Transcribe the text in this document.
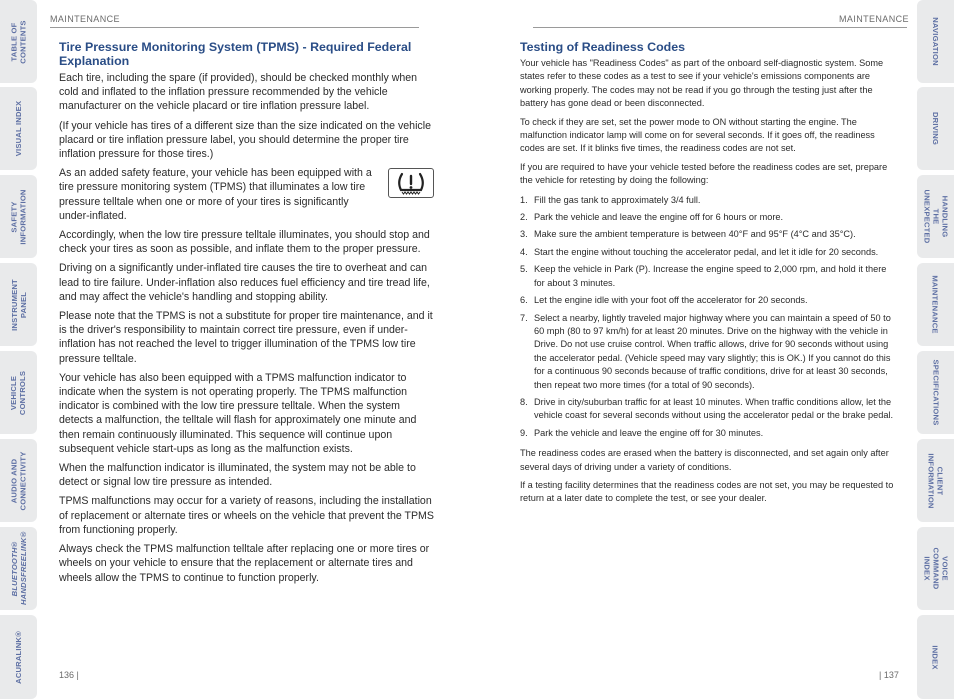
TABLE OF CONTENTS
VISUAL INDEX
SAFETY INFORMATION
INSTRUMENT PANEL
VEHICLE CONTROLS
AUDIO AND CONNECTIVITY
BLUETOOTH® HANDSFREELINK®
ACURALINK®
NAVIGATION
DRIVING
HANDLING THE UNEXPECTED
MAINTENANCE
SPECIFICATIONS
CLIENT INFORMATION
VOICE COMMAND INDEX
INDEX
MAINTENANCE	MAINTENANCE
Tire Pressure Monitoring System (TPMS) - Required Federal Explanation

Each tire, including the spare (if provided), should be checked monthly when cold and inflated to the inflation pressure recommended by the vehicle manufacturer on the vehicle placard or tire inflation pressure label.

(If your vehicle has tires of a different size than the size indicated on the vehicle placard or tire inflation pressure label, you should determine the proper tire inflation pressure for those tires.)

As an added safety feature, your vehicle has been equipped with a tire pressure monitoring system (TPMS) that illuminates a low tire pressure telltale when one or more of your tires is significantly under-inflated.

Accordingly, when the low tire pressure telltale illuminates, you should stop and check your tires as soon as possible, and inflate them to the proper pressure.

Driving on a significantly under-inflated tire causes the tire to overheat and can lead to tire failure. Under-inflation also reduces fuel efficiency and tire tread life, and may affect the vehicle's handling and stopping ability.

Please note that the TPMS is not a substitute for proper tire maintenance, and it is the driver's responsibility to maintain correct tire pressure, even if under-inflation has not reached the level to trigger illumination of the TPMS low tire pressure telltale.

Your vehicle has also been equipped with a TPMS malfunction indicator to indicate when the system is not operating properly. The TPMS malfunction indicator is combined with the low tire pressure telltale. When the system detects a malfunction, the telltale will flash for approximately one minute and then remain continuously illuminated. This sequence will continue upon subsequent vehicle start-ups as long as the malfunction exists.

When the malfunction indicator is illuminated, the system may not be able to detect or signal low tire pressure as intended.

TPMS malfunctions may occur for a variety of reasons, including the installation of replacement or alternate tires or wheels on the vehicle that prevent the TPMS from functioning properly.

Always check the TPMS malfunction telltale after replacing one or more tires or wheels on your vehicle to ensure that the replacement or alternate tires and wheels allow the TPMS to continue to function properly.

Testing of Readiness Codes

Your vehicle has "Readiness Codes" as part of the onboard self-diagnostic system. Some states refer to these codes as a test to see if your vehicle's emissions components are working properly. The codes may not be read if you go through the testing just after the battery has gone dead or been disconnected.

To check if they are set, set the power mode to ON without starting the engine. The malfunction indicator lamp will come on for several seconds. If it goes off, the readiness codes are set. If it blinks five times, the readiness codes are not set.

If you are required to have your vehicle tested before the readiness codes are set, prepare the vehicle for retesting by doing the following:

1. Fill the gas tank to approximately 3/4 full.
2. Park the vehicle and leave the engine off for 6 hours or more.
3. Make sure the ambient temperature is between 40°F and 95°F (4°C and 35°C).
4. Start the engine without touching the accelerator pedal, and let it idle for 20 seconds.
5. Keep the vehicle in Park (P). Increase the engine speed to 2,000 rpm, and hold it there for about 3 minutes.
6. Let the engine idle with your foot off the accelerator for 20 seconds.
7. Select a nearby, lightly traveled major highway where you can maintain a speed of 50 to 60 mph (80 to 97 km/h) for at least 20 minutes. Drive on the highway with the vehicle in Drive. Do not use cruise control. When traffic allows, drive for 90 seconds without using the accelerator pedal. (Vehicle speed may vary slightly; this is OK.) If you cannot do this for a continuous 90 seconds because of traffic conditions, drive for at least 30 seconds, then repeat two more times (for a total of 90 seconds).
8. Drive in city/suburban traffic for at least 10 minutes. When traffic conditions allow, let the vehicle coast for several seconds without using the accelerator pedal or the brake pedal.
9. Park the vehicle and leave the engine off for 30 minutes.

The readiness codes are erased when the battery is disconnected, and set again only after several days of driving under a variety of conditions.

If a testing facility determines that the readiness codes are not set, you may be requested to return at a later date to complete the test, or see your dealer.

136 |	| 137
